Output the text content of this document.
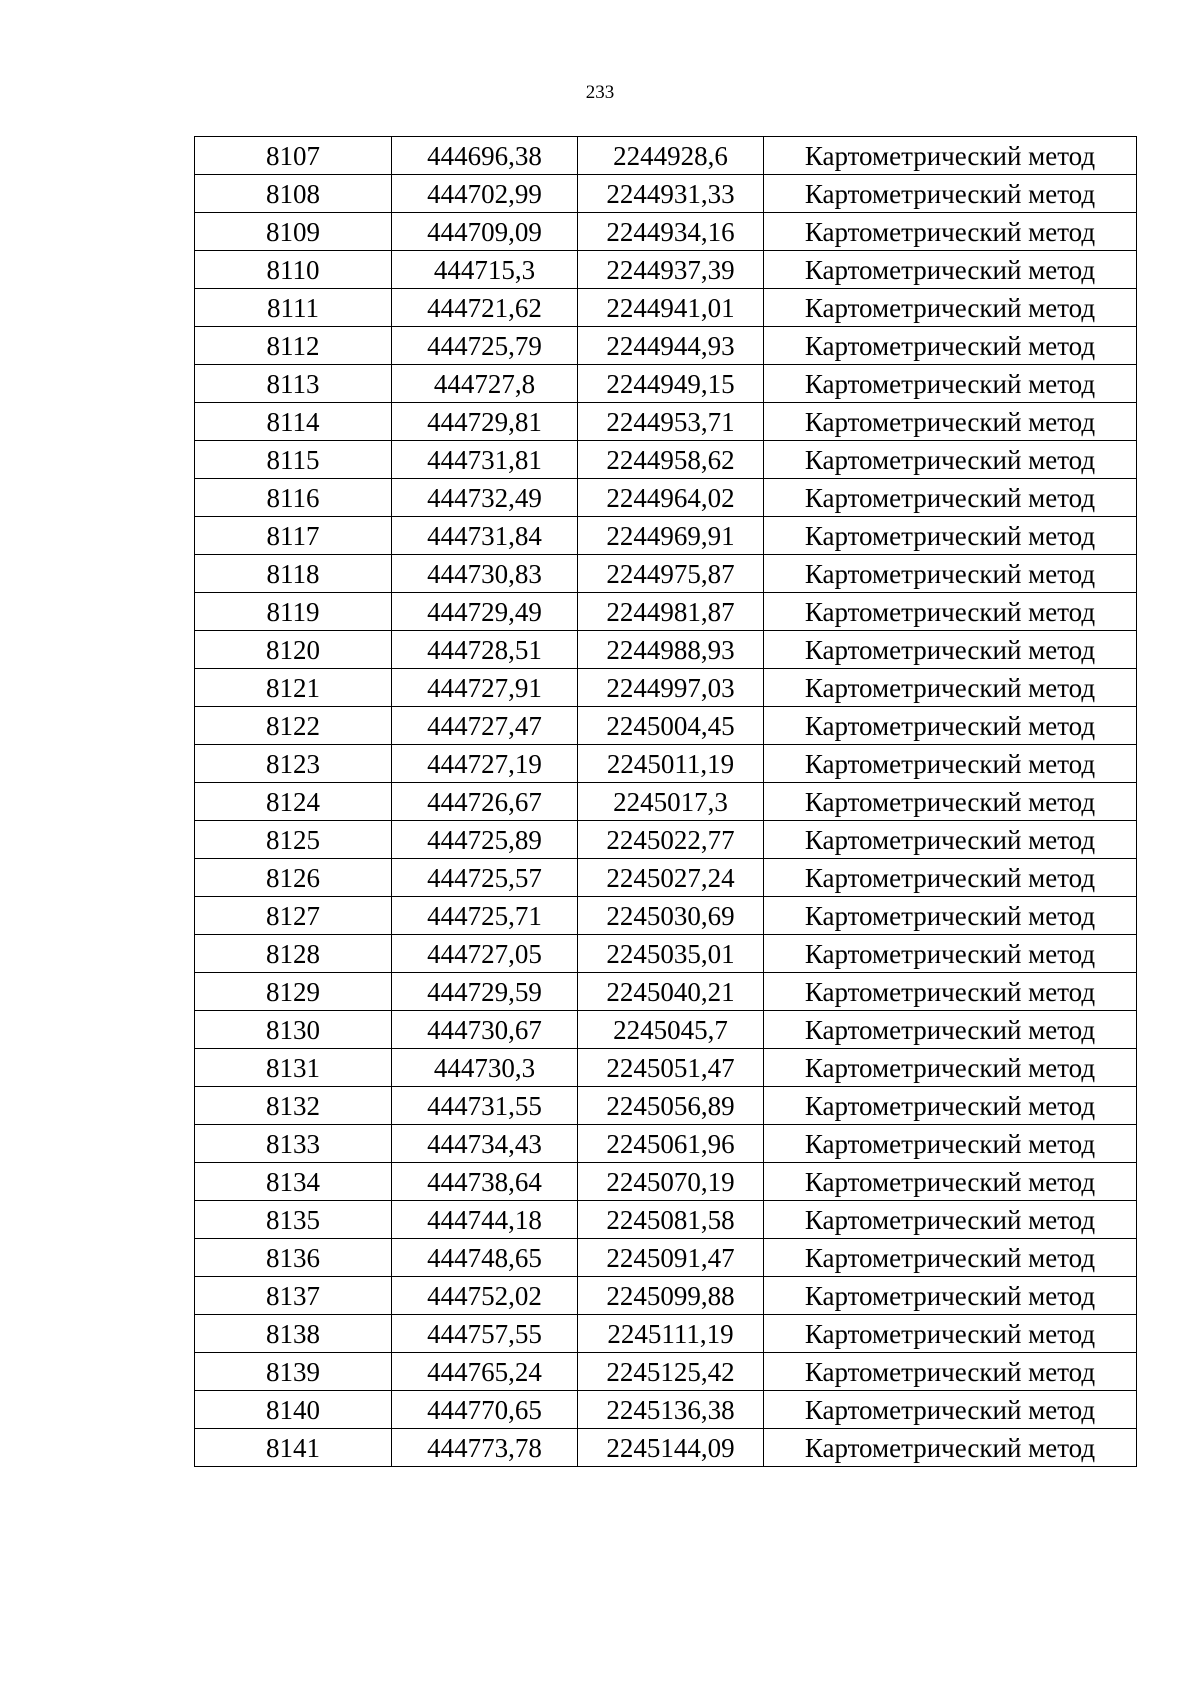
233
8107	444696,38	2244928,6	Картометрический метод
8108	444702,99	2244931,33	Картометрический метод
8109	444709,09	2244934,16	Картометрический метод
8110	444715,3	2244937,39	Картометрический метод
8111	444721,62	2244941,01	Картометрический метод
8112	444725,79	2244944,93	Картометрический метод
8113	444727,8	2244949,15	Картометрический метод
8114	444729,81	2244953,71	Картометрический метод
8115	444731,81	2244958,62	Картометрический метод
8116	444732,49	2244964,02	Картометрический метод
8117	444731,84	2244969,91	Картометрический метод
8118	444730,83	2244975,87	Картометрический метод
8119	444729,49	2244981,87	Картометрический метод
8120	444728,51	2244988,93	Картометрический метод
8121	444727,91	2244997,03	Картометрический метод
8122	444727,47	2245004,45	Картометрический метод
8123	444727,19	2245011,19	Картометрический метод
8124	444726,67	2245017,3	Картометрический метод
8125	444725,89	2245022,77	Картометрический метод
8126	444725,57	2245027,24	Картометрический метод
8127	444725,71	2245030,69	Картометрический метод
8128	444727,05	2245035,01	Картометрический метод
8129	444729,59	2245040,21	Картометрический метод
8130	444730,67	2245045,7	Картометрический метод
8131	444730,3	2245051,47	Картометрический метод
8132	444731,55	2245056,89	Картометрический метод
8133	444734,43	2245061,96	Картометрический метод
8134	444738,64	2245070,19	Картометрический метод
8135	444744,18	2245081,58	Картометрический метод
8136	444748,65	2245091,47	Картометрический метод
8137	444752,02	2245099,88	Картометрический метод
8138	444757,55	2245111,19	Картометрический метод
8139	444765,24	2245125,42	Картометрический метод
8140	444770,65	2245136,38	Картометрический метод
8141	444773,78	2245144,09	Картометрический метод
